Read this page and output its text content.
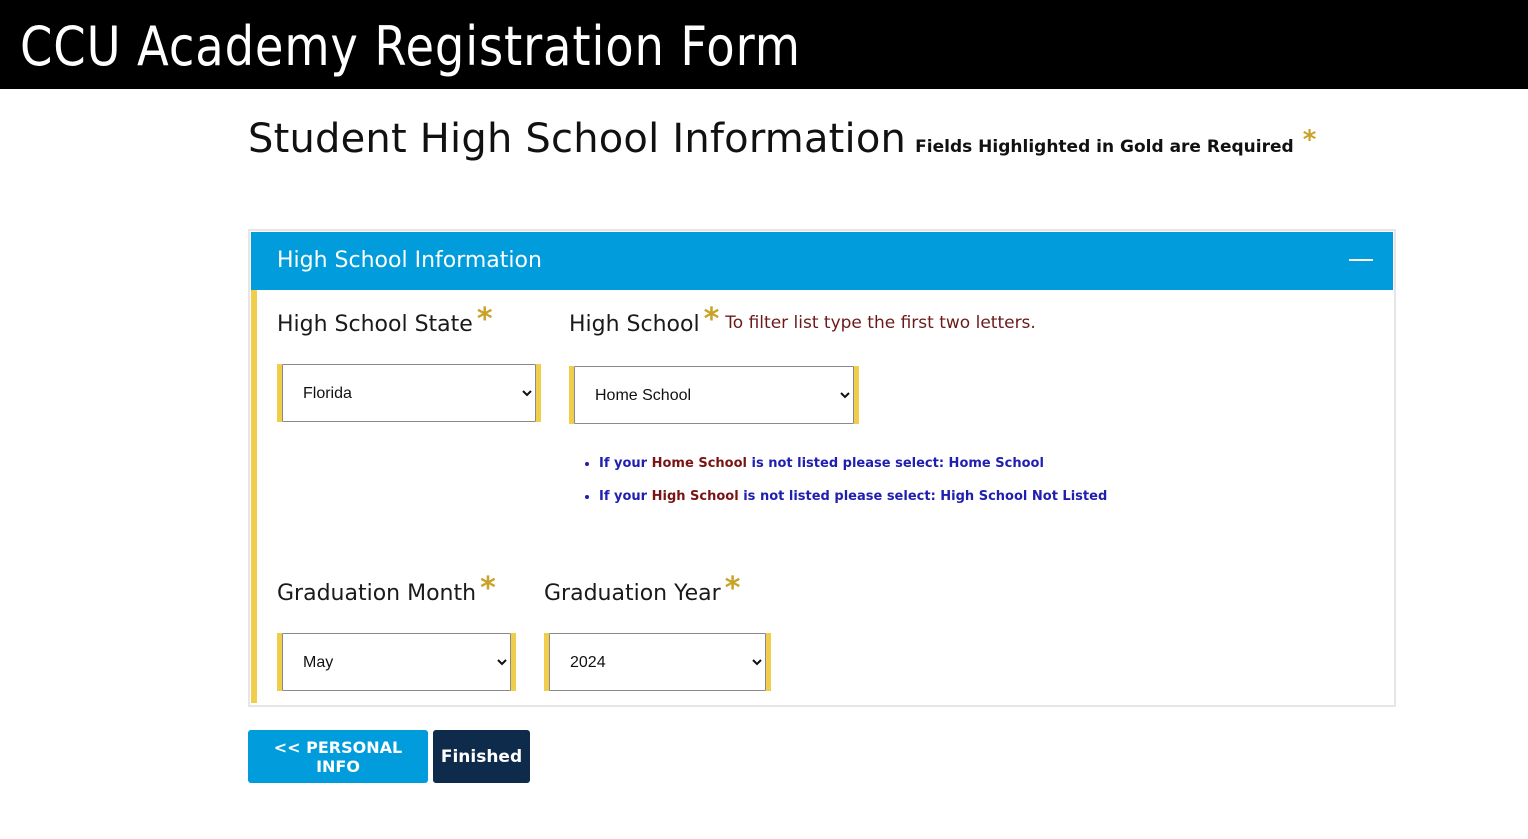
CCU Academy Registration Form
Student High School Information Fields Highlighted in Gold are Required *
High School Information
High School State *
Florida	High School * To filter list type the first two letters.
Home School
• If your Home School is not listed please select: Home School
• If your High School is not listed please select: High School Not Listed
Graduation Month *
May Graduation Year *
2024
<< PERSONAL INFO	Finished
